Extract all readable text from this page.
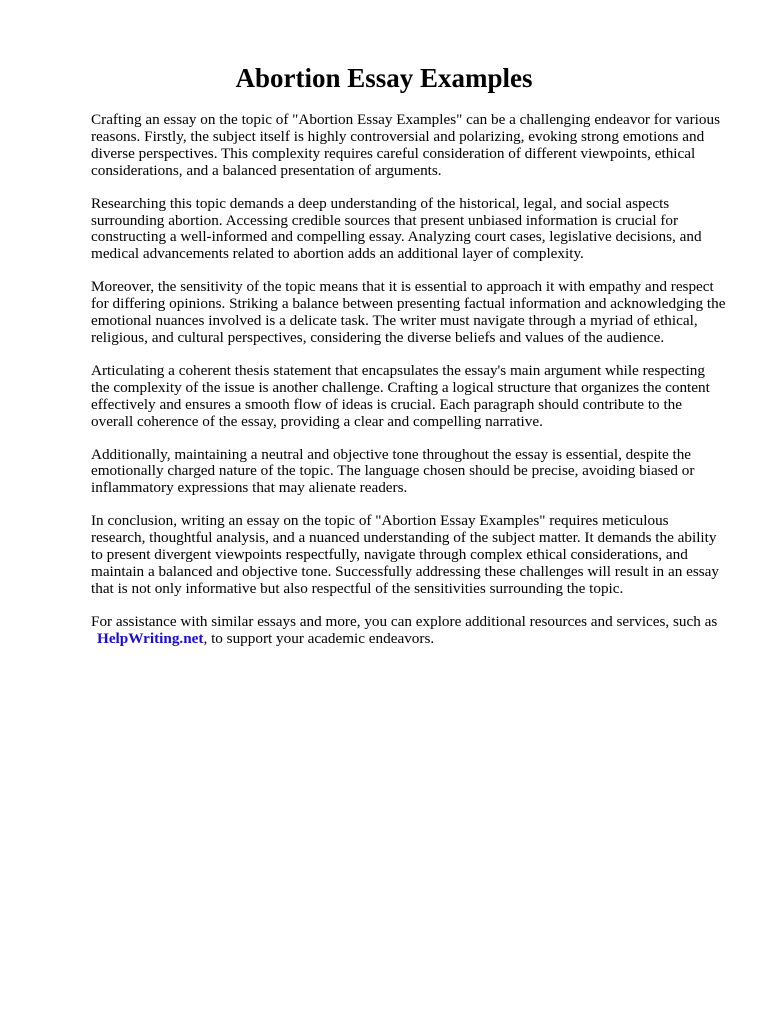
Abortion Essay Examples

Crafting an essay on the topic of "Abortion Essay Examples" can be a challenging endeavor for various reasons. Firstly, the subject itself is highly controversial and polarizing, evoking strong emotions and diverse perspectives. This complexity requires careful consideration of different viewpoints, ethical considerations, and a balanced presentation of arguments.

Researching this topic demands a deep understanding of the historical, legal, and social aspects surrounding abortion. Accessing credible sources that present unbiased information is crucial for constructing a well-informed and compelling essay. Analyzing court cases, legislative decisions, and medical advancements related to abortion adds an additional layer of complexity.

Moreover, the sensitivity of the topic means that it is essential to approach it with empathy and respect for differing opinions. Striking a balance between presenting factual information and acknowledging the emotional nuances involved is a delicate task. The writer must navigate through a myriad of ethical, religious, and cultural perspectives, considering the diverse beliefs and values of the audience.

Articulating a coherent thesis statement that encapsulates the essay's main argument while respecting the complexity of the issue is another challenge. Crafting a logical structure that organizes the content effectively and ensures a smooth flow of ideas is crucial. Each paragraph should contribute to the overall coherence of the essay, providing a clear and compelling narrative.

Additionally, maintaining a neutral and objective tone throughout the essay is essential, despite the emotionally charged nature of the topic. The language chosen should be precise, avoiding biased or inflammatory expressions that may alienate readers.

In conclusion, writing an essay on the topic of "Abortion Essay Examples" requires meticulous research, thoughtful analysis, and a nuanced understanding of the subject matter. It demands the ability to present divergent viewpoints respectfully, navigate through complex ethical considerations, and maintain a balanced and objective tone. Successfully addressing these challenges will result in an essay that is not only informative but also respectful of the sensitivities surrounding the topic.

For assistance with similar essays and more, you can explore additional resources and services, such as HelpWriting.net, to support your academic endeavors.
